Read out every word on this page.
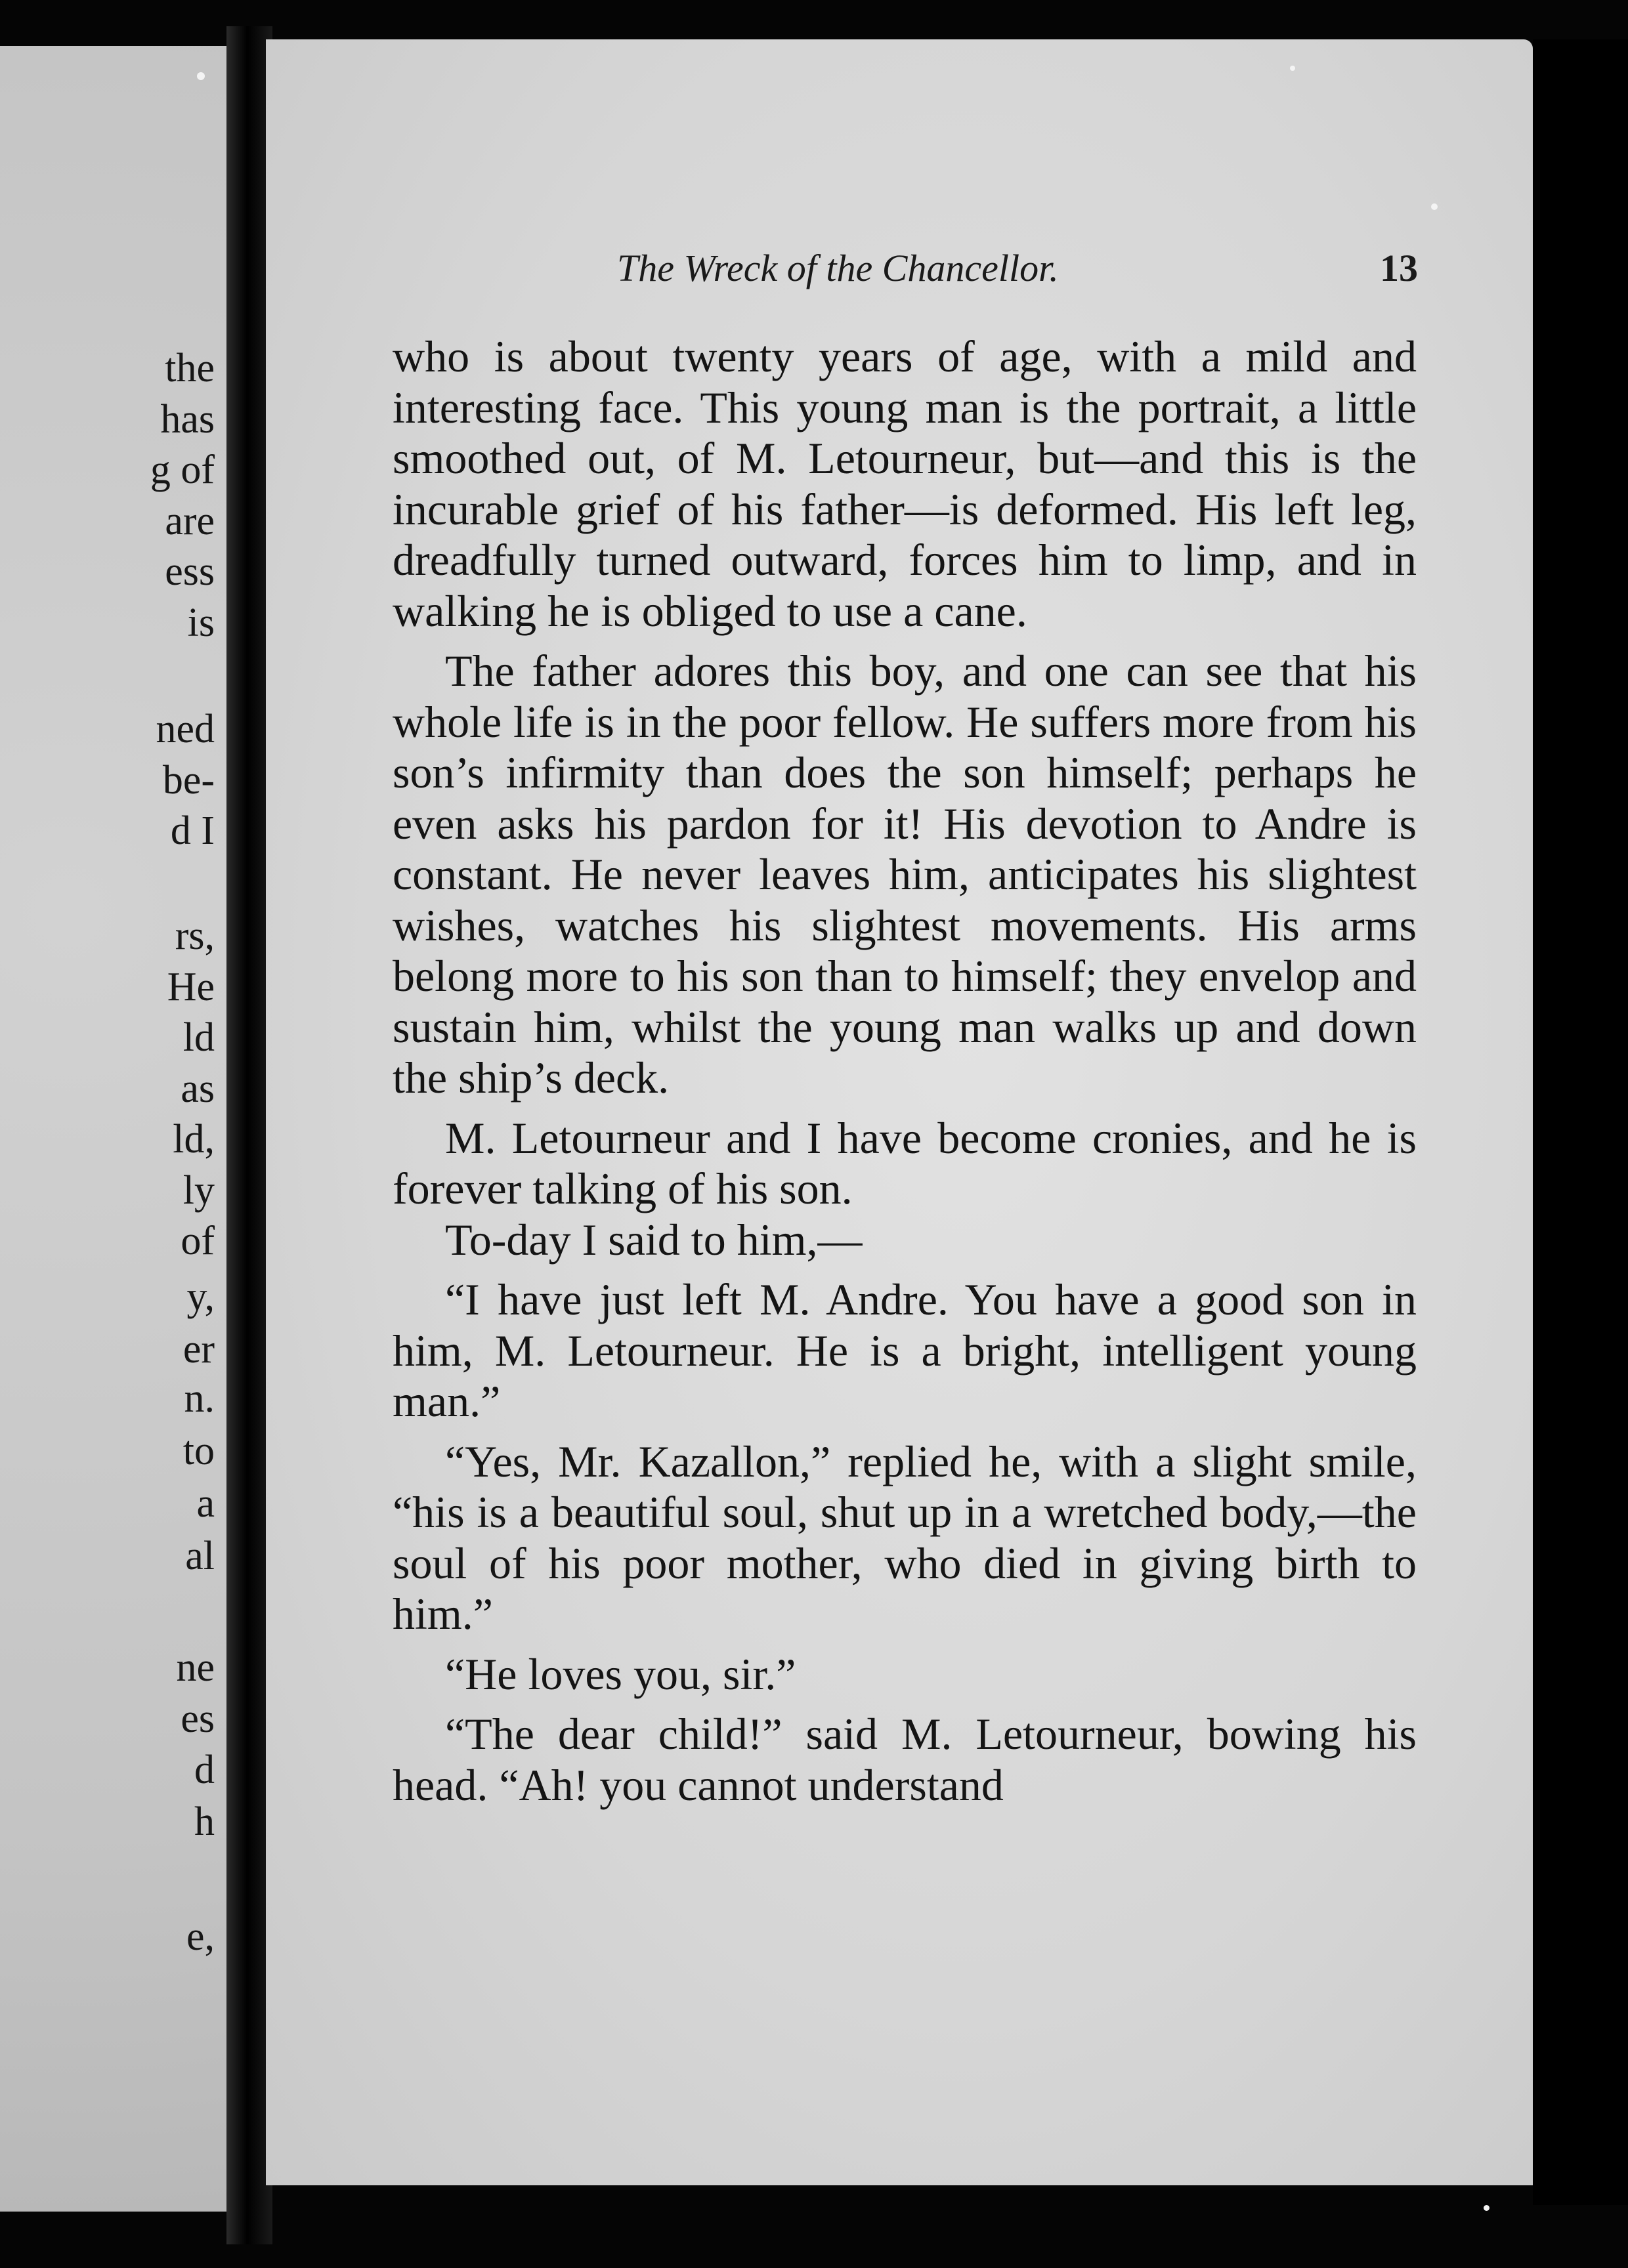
the
has
g of
are
ess
is
ned
be-
d I
rs,
He
ld
as
ld,
ly
of
y,
er
n.
to
a
al
ne
es
d
h
e,
The Wreck of the Chancellor.	13

who is about twenty years of age, with a mild and interesting face. This young man is the portrait, a little smoothed out, of M. Letourneur, but—and this is the incurable grief of his father—is deformed. His left leg, dreadfully turned outward, forces him to limp, and in walking he is obliged to use a cane.

The father adores this boy, and one can see that his whole life is in the poor fellow. He suffers more from his son’s infirmity than does the son himself; perhaps he even asks his pardon for it! His devotion to Andre is constant. He never leaves him, anticipates his slightest wishes, watches his slightest movements. His arms belong more to his son than to himself; they envelop and sustain him, whilst the young man walks up and down the ship’s deck.

M. Letourneur and I have become cronies, and he is forever talking of his son.

To-day I said to him,—

“I have just left M. Andre. You have a good son in him, M. Letourneur. He is a bright, intelligent young man.”

“Yes, Mr. Kazallon,” replied he, with a slight smile, “his is a beautiful soul, shut up in a wretched body,—the soul of his poor mother, who died in giving birth to him.”

“He loves you, sir.”

“The dear child!” said M. Letourneur, bowing his head. “Ah! you cannot understand
